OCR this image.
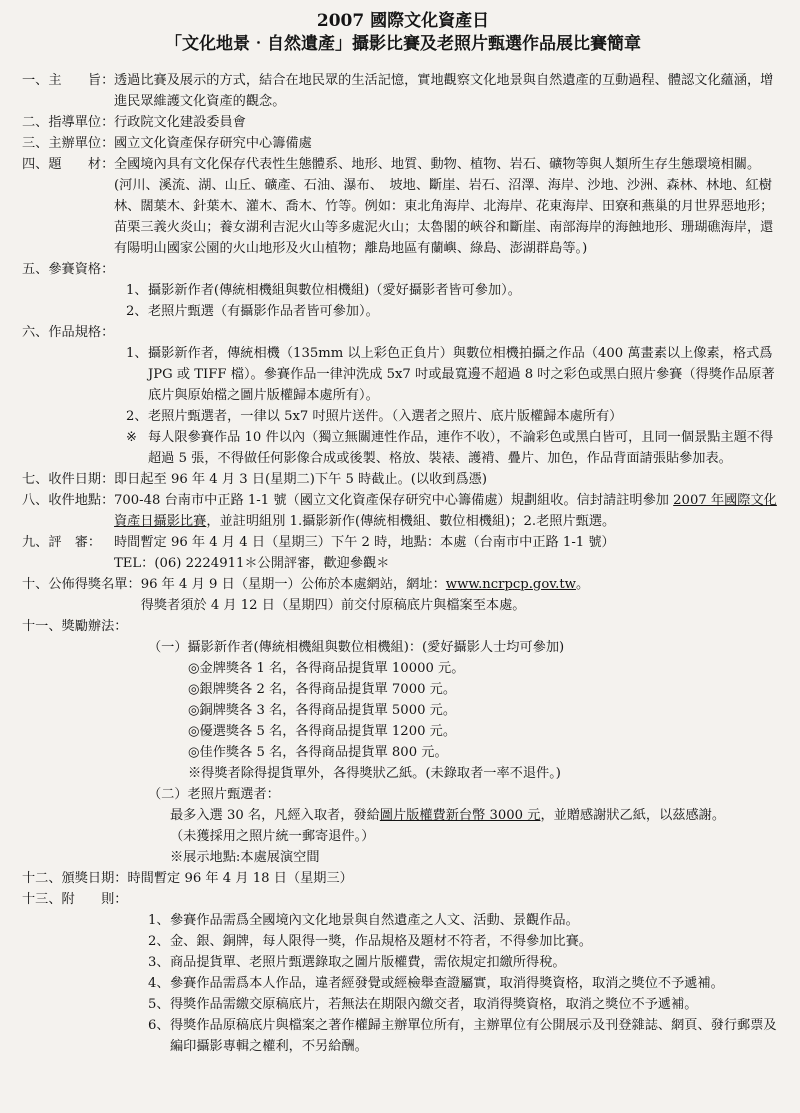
2007 國際文化資產日
「文化地景‧自然遺產」攝影比賽及老照片甄選作品展比賽簡章
一、主　　旨： 透過比賽及展示的方式，結合在地民眾的生活記憶，實地觀察文化地景與自然遺產的互動過程、體認文化蘊涵，增進民眾維護文化資產的觀念。
二、指導單位： 行政院文化建設委員會
三、主辦單位： 國立文化資產保存研究中心籌備處
四、題　　材： 全國境內具有文化保存代表性生態體系、地形、地質、動物、植物、岩石、礦物等與人類所生存生態環境相關。
(河川、溪流、湖、山丘、礦產、石油、瀑布、　坡地、斷崖、岩石、沼澤、海岸、沙地、沙洲、森林、林地、紅樹林、闊葉木、針葉木、灌木、喬木、竹等。例如：東北角海岸、北海岸、花東海岸、田寮和燕巢的月世界惡地形；苗栗三義火炎山；養女湖利吉泥火山等多處泥火山；太魯閣的峽谷和斷崖、南部海岸的海蝕地形、珊瑚礁海岸，還有陽明山國家公園的火山地形及火山植物；離島地區有蘭嶼、綠島、澎湖群島等。)
五、參賽資格：
1、 攝影新作者(傳統相機組與數位相機組)（愛好攝影者皆可參加）。
2、 老照片甄選（有攝影作品者皆可參加）。
六、作品規格：
1、 攝影新作者，傳統相機（135mm 以上彩色正負片）與數位相機拍攝之作品（400 萬畫素以上像素，格式爲 JPG 或 TIFF 檔）。參賽作品一律沖洗成 5x7 吋或最寬邊不超過 8 吋之彩色或黑白照片參賽（得獎作品原著底片與原始檔之圖片版權歸本處所有）。
2、 老照片甄選者，一律以 5x7 吋照片送件。（入選者之照片、底片版權歸本處所有）
※ 每人限參賽作品 10 件以內（獨立無關連性作品，連作不收），不論彩色或黑白皆可，且同一個景點主題不得超過 5 張，不得做任何影像合成或後製、格放、裝裱、護褙、疊片、加色，作品背面請張貼參加表。
七、收件日期： 即日起至 96 年 4 月 3 日(星期二)下午 5 時截止。(以收到爲憑)
八、收件地點： 700-48 台南市中正路 1-1 號（國立文化資產保存研究中心籌備處）規劃組收。信封請註明參加 2007 年國際文化資產日攝影比賽，並註明組別 1.攝影新作(傳統相機組、數位相機組)；2.老照片甄選。
九、評　審： 時間暫定 96 年 4 月 4 日（星期三）下午 2 時，地點：本處（台南市中正路 1-1 號）
TEL：(06) 2224911＊公開評審，歡迎參觀＊
十、公佈得獎名單： 96 年 4 月 9 日（星期一）公佈於本處網站，網址：www.ncrpcp.gov.tw。
得獎者須於 4 月 12 日（星期四）前交付原稿底片與檔案至本處。
十一、獎勵辦法：
（一）攝影新作者(傳統相機組與數位相機組)：(愛好攝影人士均可參加)
◎金牌獎各 1 名，各得商品提貨單 10000 元。
◎銀牌獎各 2 名，各得商品提貨單 7000 元。
◎銅牌獎各 3 名，各得商品提貨單 5000 元。
◎優選獎各 5 名，各得商品提貨單 1200 元。
◎佳作獎各 5 名，各得商品提貨單 800 元。
※得獎者除得提貨單外，各得獎狀乙紙。(未錄取者一率不退件。)
（二）老照片甄選者：
最多入選 30 名，凡經入取者，發給 圖片版權費新台幣 3000 元 ，並贈感謝狀乙紙，以茲感謝。
（未獲採用之照片統一郵寄退件。）
※展示地點:本處展演空間
十二、頒獎日期： 時間暫定 96 年 4 月 18 日（星期三）
十三、附　　則：
1、 參賽作品需爲全國境內文化地景與自然遺產之人文、活動、景觀作品。
2、 金、銀、銅牌，每人限得一獎，作品規格及題材不符者，不得參加比賽。
3、 商品提貨單、老照片甄選錄取之圖片版權費，需依規定扣繳所得稅。
4、 參賽作品需爲本人作品，違者經發覺或經檢舉查證屬實，取消得獎資格，取消之獎位不予遞補。
5、 得獎作品需繳交原稿底片，若無法在期限內繳交者，取消得獎資格，取消之獎位不予遞補。
6、 得獎作品原稿底片與檔案之著作權歸主辦單位所有，主辦單位有公開展示及刊登雜誌、網頁、發行郵票及編印攝影專輯之權利，不另給酬。
